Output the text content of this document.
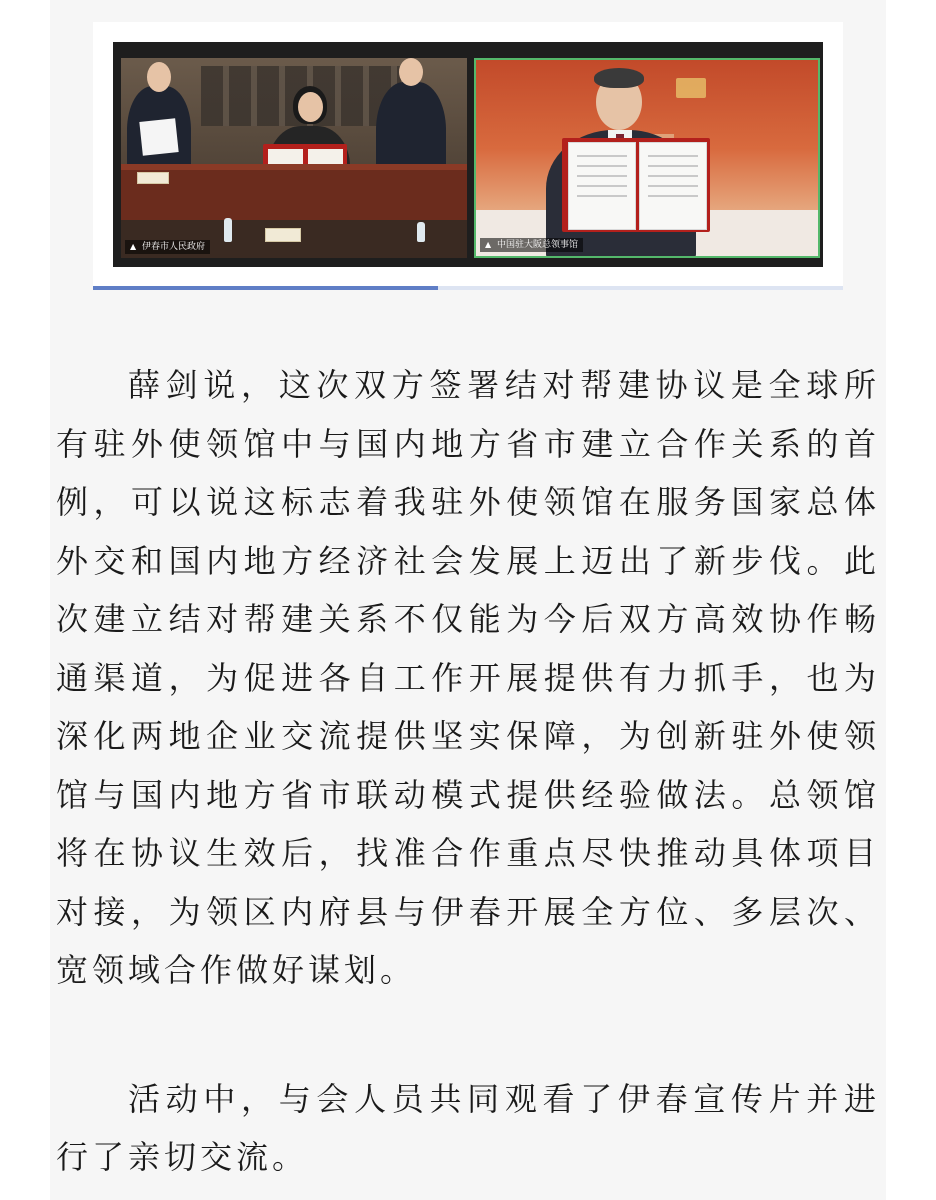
▲ 伊春市人民政府	▲ 中国驻大阪总领事馆

薛剑说，这次双方签署结对帮建协议是全球所有驻外使领馆中与国内地方省市建立合作关系的首例，可以说这标志着我驻外使领馆在服务国家总体外交和国内地方经济社会发展上迈出了新步伐。此次建立结对帮建关系不仅能为今后双方高效协作畅通渠道，为促进各自工作开展提供有力抓手，也为深化两地企业交流提供坚实保障，为创新驻外使领馆与国内地方省市联动模式提供经验做法。总领馆将在协议生效后，找准合作重点尽快推动具体项目对接，为领区内府县与伊春开展全方位、多层次、宽领域合作做好谋划。

活动中，与会人员共同观看了伊春宣传片并进行了亲切交流。
